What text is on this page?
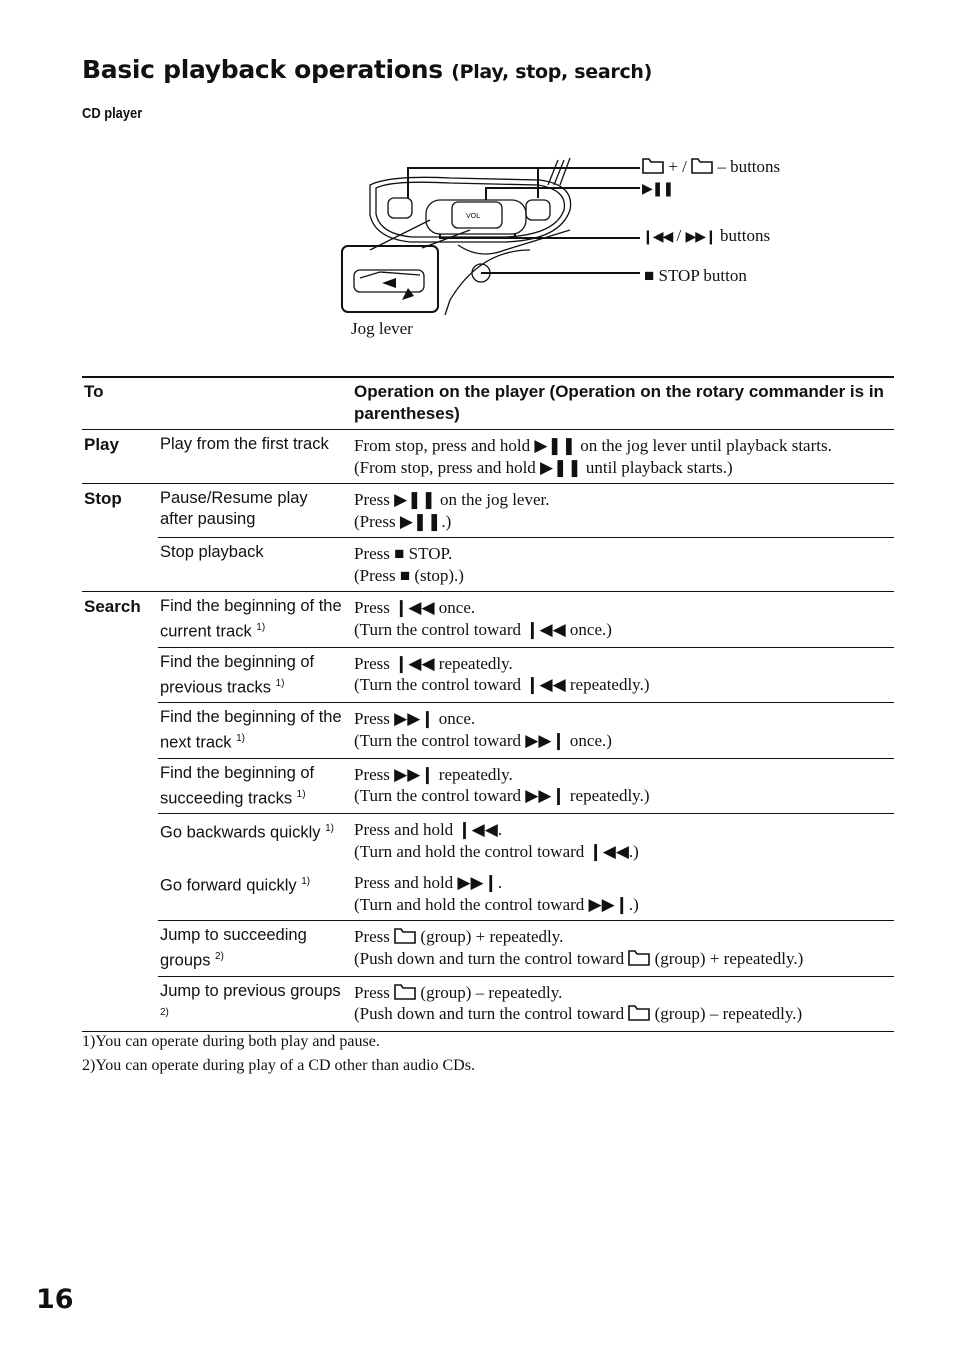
Basic playback operations (Play, stop, search)
CD player
VOL
+ / – buttons
▶❚❚
❙◀◀ / ▶▶❙ buttons
■ STOP button
Jog lever
To		Operation on the player (Operation on the rotary commander is in parentheses)
Play	Play from the first track	From stop, press and hold ▶❚❚ on the jog lever until playback starts.
(From stop, press and hold ▶❚❚ until playback starts.)

Stop	Pause/Resume play after pausing	Press ▶❚❚ on the jog lever.
(Press ▶❚❚.)

	Stop playback	Press ■ STOP.
(Press ■ (stop).)

Search	Find the beginning of the current track $^{1)}$	Press ❙◀◀ once.
(Turn the control toward ❙◀◀ once.)

	Find the beginning of previous tracks $^{1)}$	Press ❙◀◀ repeatedly.
(Turn the control toward ❙◀◀ repeatedly.)

	Find the beginning of the next track $^{1)}$	Press ▶▶❙ once.
(Turn the control toward ▶▶❙ once.)

	Find the beginning of succeeding tracks $^{1)}$	Press ▶▶❙ repeatedly.
(Turn the control toward ▶▶❙ repeatedly.)

	Go backwards quickly $^{1)}$	Press and hold ❙◀◀.
(Turn and hold the control toward ❙◀◀.)

	Go forward quickly $^{1)}$	Press and hold ▶▶❙.
(Turn and hold the control toward ▶▶❙.)

	Jump to succeeding groups $^{2)}$	Press (group) + repeatedly.
(Push down and turn the control toward (group) + repeatedly.)

	Jump to previous groups $^{2)}$	Press (group) – repeatedly.
(Push down and turn the control toward (group) – repeatedly.)
1)You can operate during both play and pause.
2)You can operate during play of a CD other than audio CDs.
16
